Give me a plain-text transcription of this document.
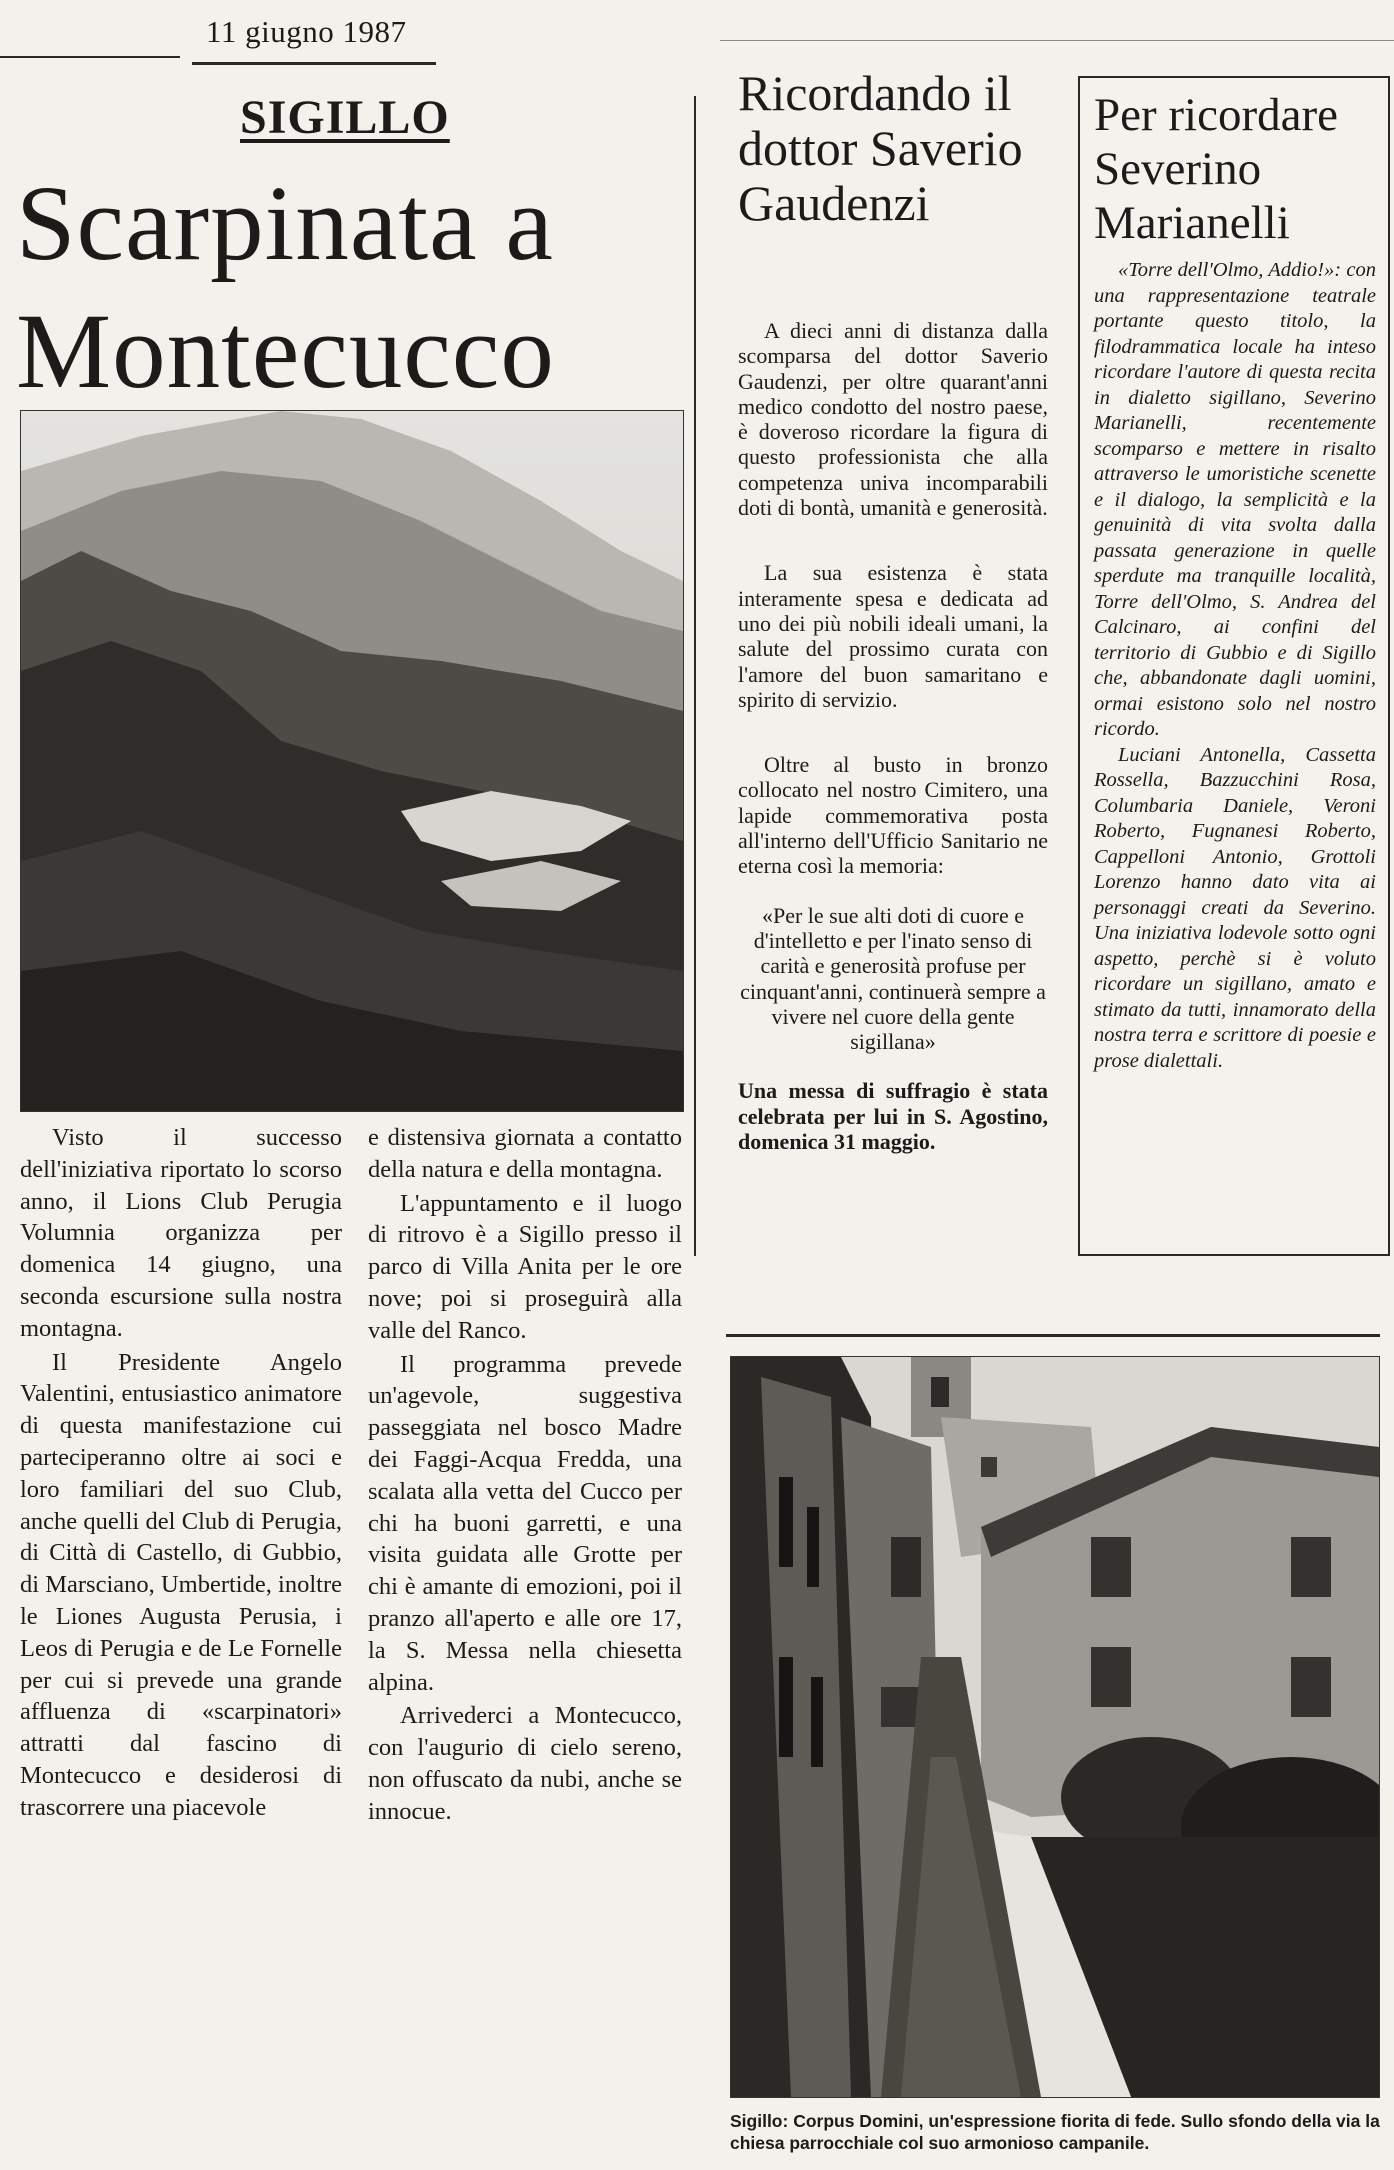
11 giugno 1987
SIGILLO
Scarpinata a Montecucco

Visto il successo dell'iniziativa riportato lo scorso anno, il Lions Club Perugia Volumnia organizza per domenica 14 giugno, una seconda escursione sulla nostra montagna.

Il Presidente Angelo Valentini, entusiastico animatore di questa manifestazione cui parteciperanno oltre ai soci e loro familiari del suo Club, anche quelli del Club di Perugia, di Città di Castello, di Gubbio, di Marsciano, Umbertide, inoltre le Liones Augusta Perusia, i Leos di Perugia e de Le Fornelle per cui si prevede una grande affluenza di «scarpinatori» attratti dal fascino di Montecucco e desiderosi di trascorrere una piacevole

e distensiva giornata a contatto della natura e della montagna.

L'appuntamento e il luogo di ritrovo è a Sigillo presso il parco di Villa Anita per le ore nove; poi si proseguirà alla valle del Ranco.

Il programma prevede un'agevole, suggestiva passeggiata nel bosco Madre dei Faggi-Acqua Fredda, una scalata alla vetta del Cucco per chi ha buoni garretti, e una visita guidata alle Grotte per chi è amante di emozioni, poi il pranzo all'aperto e alle ore 17, la S. Messa nella chiesetta alpina.

Arrivederci a Montecucco, con l'augurio di cielo sereno, non offuscato da nubi, anche se innocue.

Ricordando il dottor Saverio Gaudenzi

A dieci anni di distanza dalla scomparsa del dottor Saverio Gaudenzi, per oltre quarant'anni medico condotto del nostro paese, è doveroso ricordare la figura di questo professionista che alla competenza univa incomparabili doti di bontà, umanità e generosità.

La sua esistenza è stata interamente spesa e dedicata ad uno dei più nobili ideali umani, la salute del prossimo curata con l'amore del buon samaritano e spirito di servizio.

Oltre al busto in bronzo collocato nel nostro Cimitero, una lapide commemorativa posta all'interno dell'Ufficio Sanitario ne eterna così la memoria:

«Per le sue alti doti di cuore e d'intelletto e per l'inato senso di carità e generosità profuse per cinquant'anni, continuerà sempre a vivere nel cuore della gente sigillana»

Una messa di suffragio è stata celebrata per lui in S. Agostino, domenica 31 maggio.

Per ricordare Severino Marianelli

«Torre dell'Olmo, Addio!»: con una rappresentazione teatrale portante questo titolo, la filodrammatica locale ha inteso ricordare l'autore di questa recita in dialetto sigillano, Severino Marianelli, recentemente scomparso e mettere in risalto attraverso le umoristiche scenette e il dialogo, la semplicità e la genuinità di vita svolta dalla passata generazione in quelle sperdute ma tranquille località, Torre dell'Olmo, S. Andrea del Calcinaro, ai confini del territorio di Gubbio e di Sigillo che, abbandonate dagli uomini, ormai esistono solo nel nostro ricordo.

Luciani Antonella, Cassetta Rossella, Bazzucchini Rosa, Columbaria Daniele, Veroni Roberto, Fugnanesi Roberto, Cappelloni Antonio, Grottoli Lorenzo hanno dato vita ai personaggi creati da Severino. Una iniziativa lodevole sotto ogni aspetto, perchè si è voluto ricordare un sigillano, amato e stimato da tutti, innamorato della nostra terra e scrittore di poesie e prose dialettali.

Sigillo: Corpus Domini, un'espressione fiorita di fede. Sullo sfondo della via la chiesa parrocchiale col suo armonioso campanile.
